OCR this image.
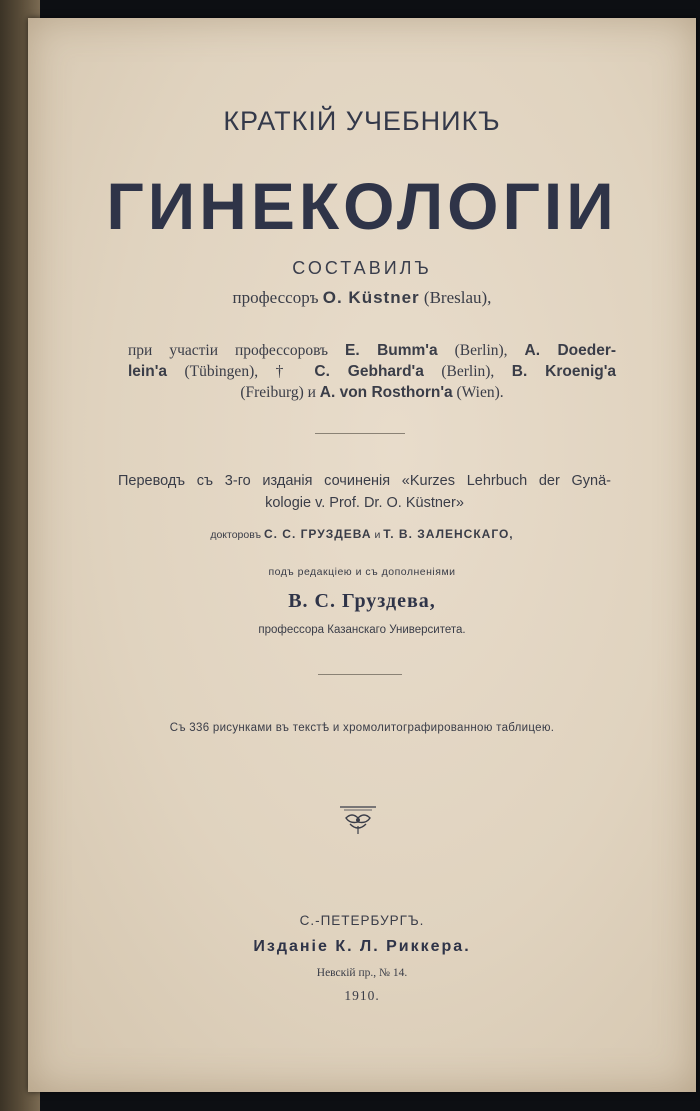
КРАТКІЙ УЧЕБНИКЪ
ГИНЕКОЛОГІИ
СОСТАВИЛЪ
профессоръ O. Küstner (Breslau),
при участіи профессоровъ E. Bumm'a (Berlin), A. Doeder-
lein'a (Tübingen), † C. Gebhard'a (Berlin), B. Kroenig'a
(Freiburg) и A. von Rosthorn'a (Wien).
Переводъ съ 3-го изданія сочиненія «Kurzes Lehrbuch der Gynä-
kologie v. Prof. Dr. O. Küstner»
докторовъ С. С. ГРУЗДЕВА и Т. В. ЗАЛЕНСКАГО,
подъ редакціею и съ дополненіями
В. С. Груздева,
профессора Казанскаго Университета.
Съ 336 рисунками въ текстѣ и хромолитографированною таблицею.
С.-ПЕТЕРБУРГЪ.
Изданіе К. Л. Риккера.
Невскій пр., № 14.
1910.
